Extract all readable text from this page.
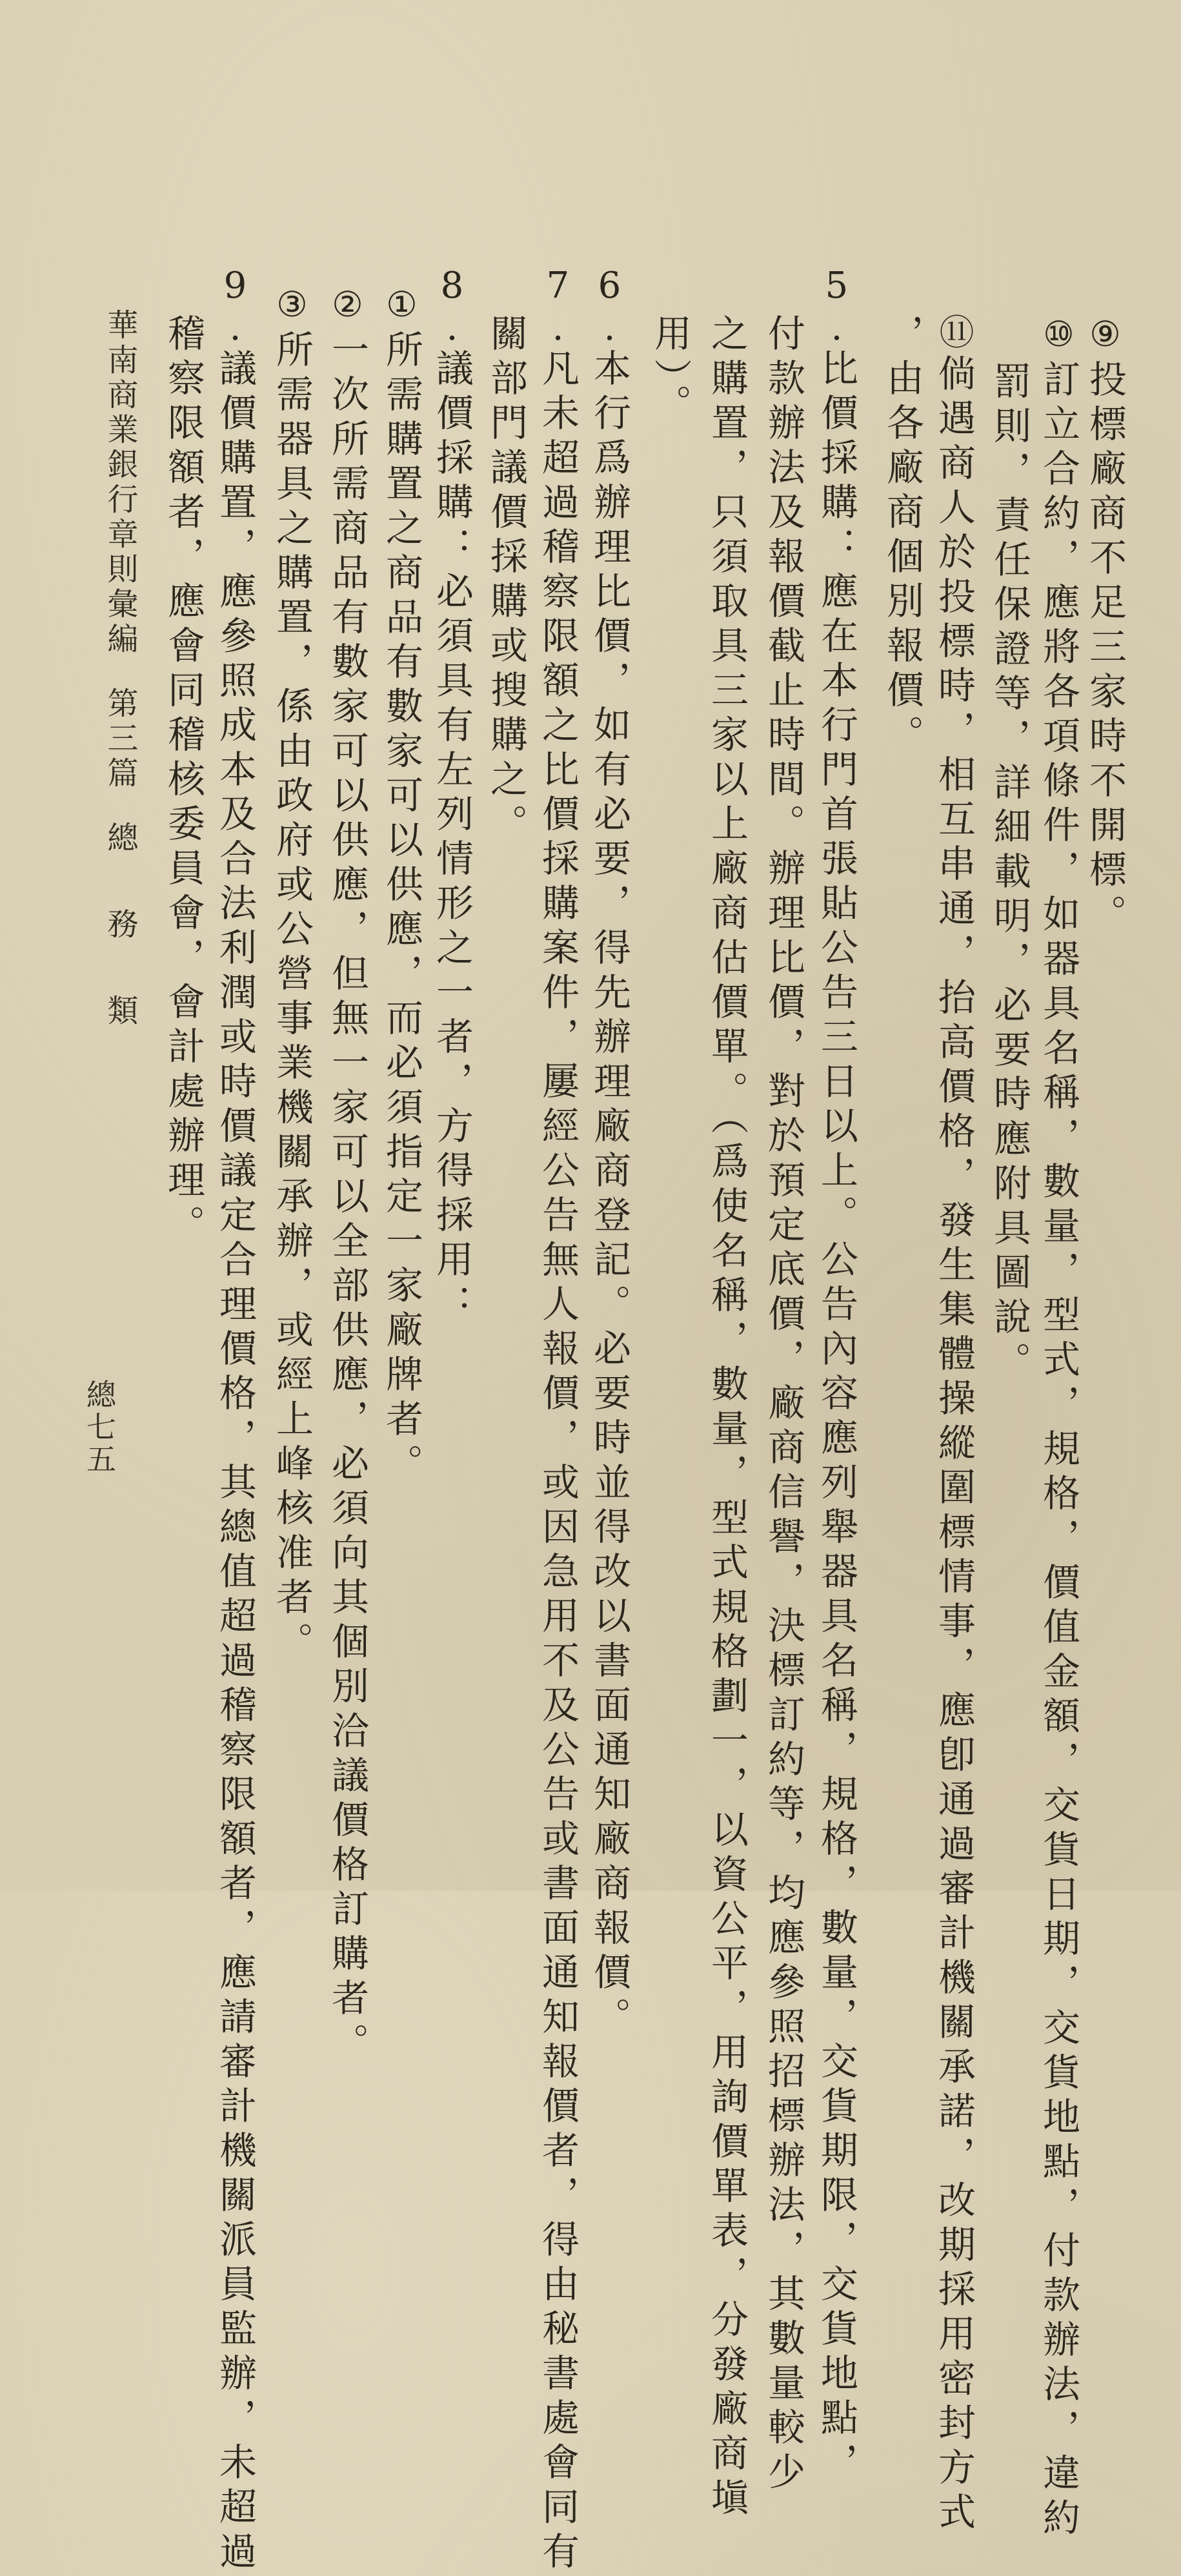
⑨投標廠商不足三家時不開標。
⑩訂立合約，應將各項條件，如器具名稱，數量，型式，規格，價值金額，交貨日期，交貨地點，付款辦法，違約
罰則，責任保證等，詳細載明，必要時應附具圖說。
⑪倘遇商人於投標時，相互串通，抬高價格，發生集體操縱圍標情事，應卽通過審計機關承諾，改期採用密封方式
，由各廠商個別報價。
5.比價採購：應在本行門首張貼公告三日以上。公告內容應列舉器具名稱，規格，數量，交貨期限，交貨地點，
付款辦法及報價截止時間。辦理比價，對於預定底價，廠商信譽，決標訂約等，均應參照招標辦法，其數量較少
之購置，只須取具三家以上廠商估價單。（爲使名稱，數量，型式規格劃一，以資公平，用詢價單表，分發廠商塡
用）。
6.本行爲辦理比價，如有必要，得先辦理廠商登記。必要時並得改以書面通知廠商報價。
7.凡未超過稽察限額之比價採購案件，屢經公告無人報價，或因急用不及公告或書面通知報價者，得由秘書處會同有
關部門議價採購或搜購之。
8.議價採購：必須具有左列情形之一者，方得採用：
①所需購置之商品有數家可以供應，而必須指定一家廠牌者。
②一次所需商品有數家可以供應，但無一家可以全部供應，必須向其個別洽議價格訂購者。
③所需器具之購置，係由政府或公營事業機關承辦，或經上峰核准者。
9.議價購置，應參照成本及合法利潤或時價議定合理價格，其總值超過稽察限額者，應請審計機關派員監辦，未超過
稽察限額者，應會同稽核委員會，會計處辦理。
華南商業銀行章則彙編第三篇總務類
總七五
